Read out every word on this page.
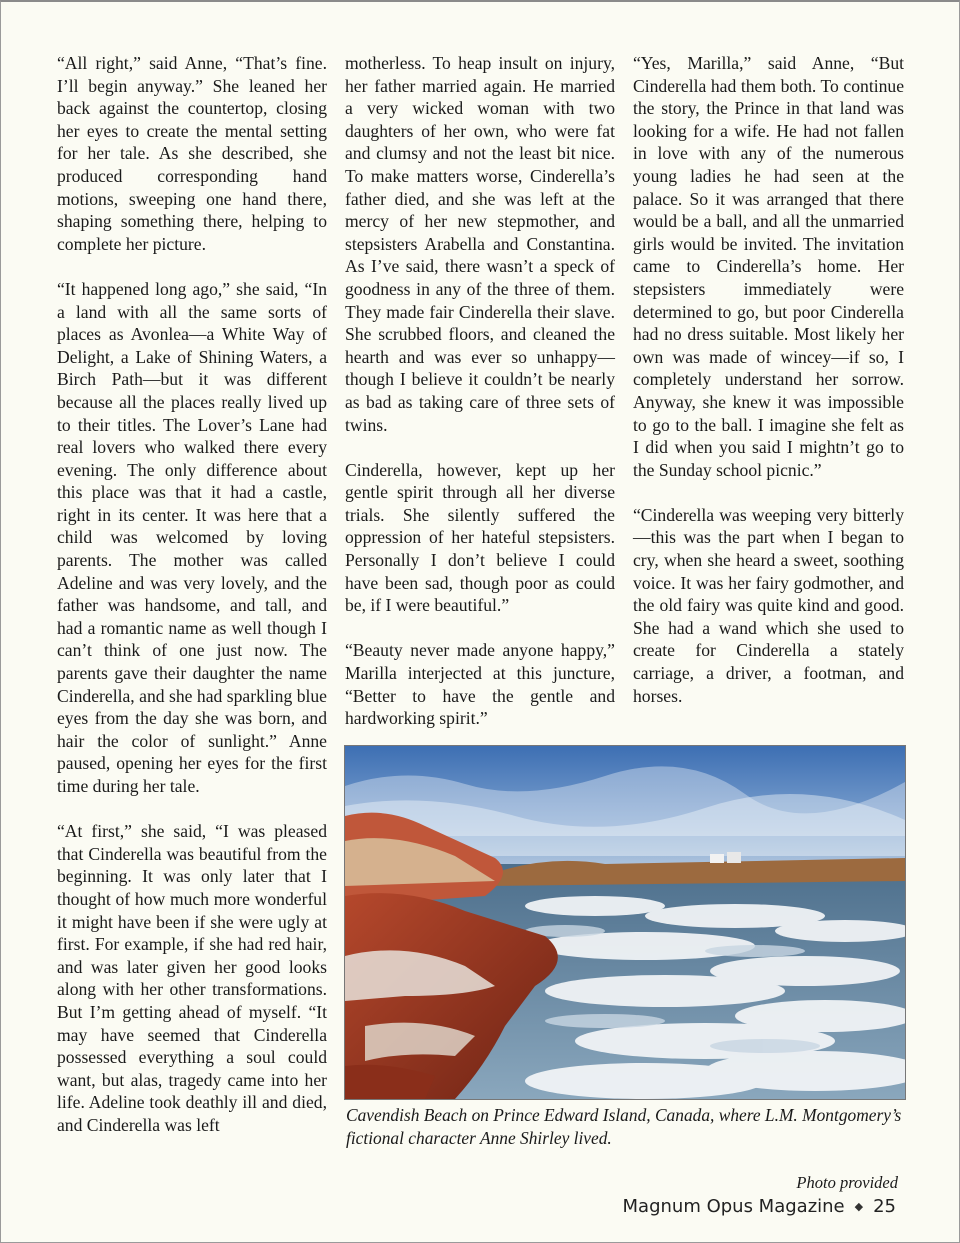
“All right,” said Anne, “That’s fine. I’ll begin anyway.” She leaned her back against the countertop, closing her eyes to create the mental setting for her tale. As she described, she produced corresponding hand motions, sweeping one hand there, shaping something there, helping to complete her picture.

“It happened long ago,” she said, “In a land with all the same sorts of places as Avonlea—a White Way of Delight, a Lake of Shining Waters, a Birch Path—but it was different because all the places really lived up to their titles. The Lover’s Lane had real lovers who walked there every evening. The only difference about this place was that it had a castle, right in its center. It was here that a child was welcomed by loving parents. The mother was called Adeline and was very lovely, and the father was handsome, and tall, and had a romantic name as well though I can’t think of one just now. The parents gave their daughter the name Cinderella, and she had sparkling blue eyes from the day she was born, and hair the color of sunlight.” Anne paused, opening her eyes for the first time during her tale.

“At first,” she said, “I was pleased that Cinderella was beautiful from the beginning. It was only later that I thought of how much more wonderful it might have been if she were ugly at first. For example, if she had red hair, and was later given her good looks along with her other transformations. But I’m getting ahead of myself. “It may have seemed that Cinderella possessed everything a soul could want, but alas, tragedy came into her life. Adeline took deathly ill and died, and Cinderella was left

motherless. To heap insult on injury, her father married again. He married a very wicked woman with two daughters of her own, who were fat and clumsy and not the least bit nice. To make matters worse, Cinderella’s father died, and she was left at the mercy of her new stepmother, and stepsisters Arabella and Constantina. As I’ve said, there wasn’t a speck of goodness in any of the three of them. They made fair Cinderella their slave. She scrubbed floors, and cleaned the hearth and was ever so unhappy—though I believe it couldn’t be nearly as bad as taking care of three sets of twins.

Cinderella, however, kept up her gentle spirit through all her diverse trials. She silently suffered the oppression of her hateful stepsisters. Personally I don’t believe I could have been sad, though poor as could be, if I were beautiful.”

“Beauty never made anyone happy,” Marilla interjected at this juncture, “Better to have the gentle and hardworking spirit.”

“Yes, Marilla,” said Anne, “But Cinderella had them both. To continue the story, the Prince in that land was looking for a wife. He had not fallen in love with any of the numerous young ladies he had seen at the palace. So it was arranged that there would be a ball, and all the unmarried girls would be invited. The invitation came to Cinderella’s home. Her stepsisters immediately were determined to go, but poor Cinderella had no dress suitable. Most likely her own was made of wincey—if so, I completely understand her sorrow. Anyway, she knew it was impossible to go to the ball. I imagine she felt as I did when you said I mightn’t go to the Sunday school picnic.”

“Cinderella was weeping very bitterly—this was the part when I began to cry, when she heard a sweet, soothing voice. It was her fairy godmother, and the old fairy was quite kind and good. She had a wand which she used to create for Cinderella a stately carriage, a driver, a footman, and horses.

Cavendish Beach on Prince Edward Island, Canada, where L.M. Montgomery’s fictional character Anne Shirley lived.
Photo provided
Magnum Opus Magazine ◆ 25
